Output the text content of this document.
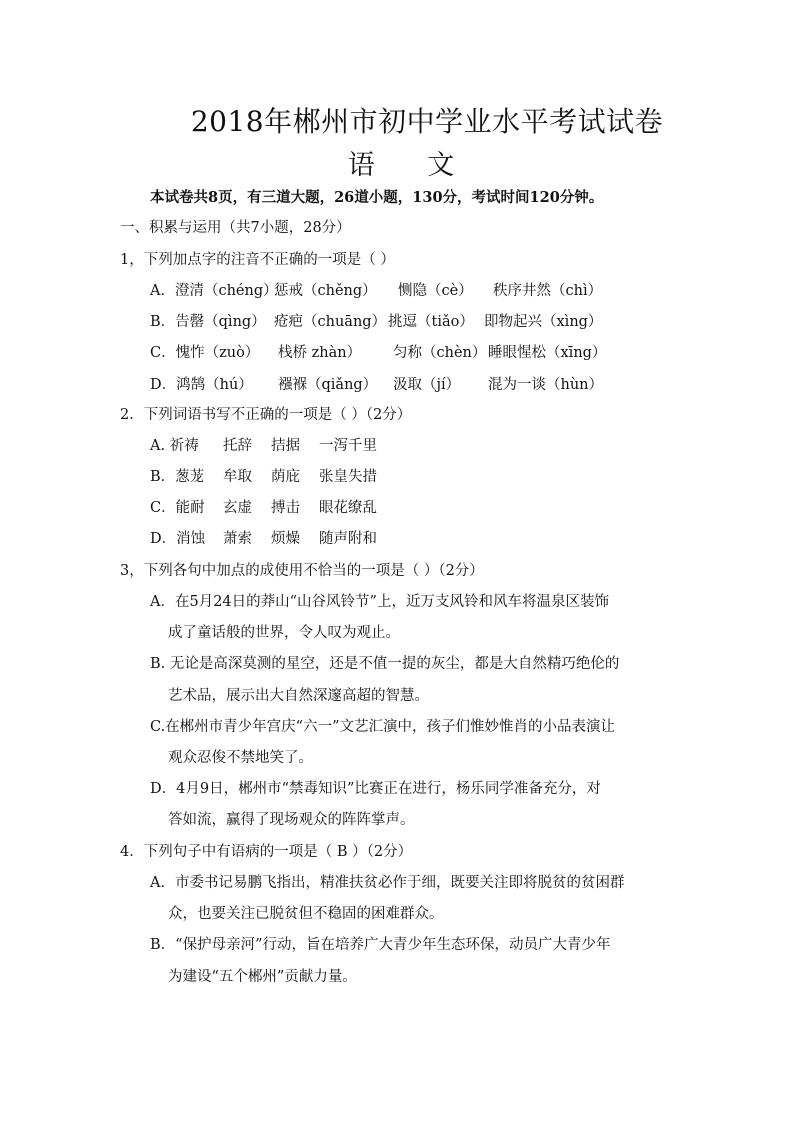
2018年郴州市初中学业水平考试试卷
语 文
本试卷共8页，有三道大题，26道小题，130分，考试时间120分钟。
一、积累与运用（共7小题，28分）
1，下列加点字的注音不正确的一项是（ ）
A．澄清（chéng）惩戒（chěng） 恻隐（cè） 秩序井然（chì）
B．告罄（qìng） 疮疤（chuāng） 挑逗（tiǎo） 即物起兴（xìng）
C．愧怍（zuò） 栈桥 zhàn） 匀称（chèn） 睡眼惺松（xīng）
D．鸿鹄（hú） 襁褓（qiǎng） 汲取（jí） 混为一谈（hùn）
2．下列词语书写不正确的一项是（ ）（2分）
A. 祈祷 托辞 拮据 一泻千里
B．葱茏 牟取 荫庇 张皇失措
C．能耐 玄虚 搏击 眼花缭乱
D．消蚀 萧索 烦燥 随声附和
3，下列各句中加点的成使用不恰当的一项是（ ）（2分）
A．在5月24日的莽山“山谷风铃节”上，近万支风铃和风车将温泉区装饰
成了童话般的世界，令人叹为观止。
B. 无论是高深莫测的星空，还是不值一提的灰尘，都是大自然精巧绝伦的
艺术品，展示出大自然深邃高超的智慧。
C.在郴州市青少年宫庆“六一”文艺汇演中，孩子们惟妙惟肖的小品表演让
观众忍俊不禁地笑了。
D．4月9日，郴州市“禁毒知识”比赛正在进行，杨乐同学准备充分，对
答如流，赢得了现场观众的阵阵掌声。
4．下列句子中有语病的一项是（ B ）（2分）
A．市委书记易鹏飞指出，精准扶贫必作于细，既要关注即将脱贫的贫困群
众，也要关注已脱贫但不稳固的困难群众。
B．“保护母亲河”行动，旨在培养广大青少年生态环保，动员广大青少年
为建设“五个郴州”贡献力量。
